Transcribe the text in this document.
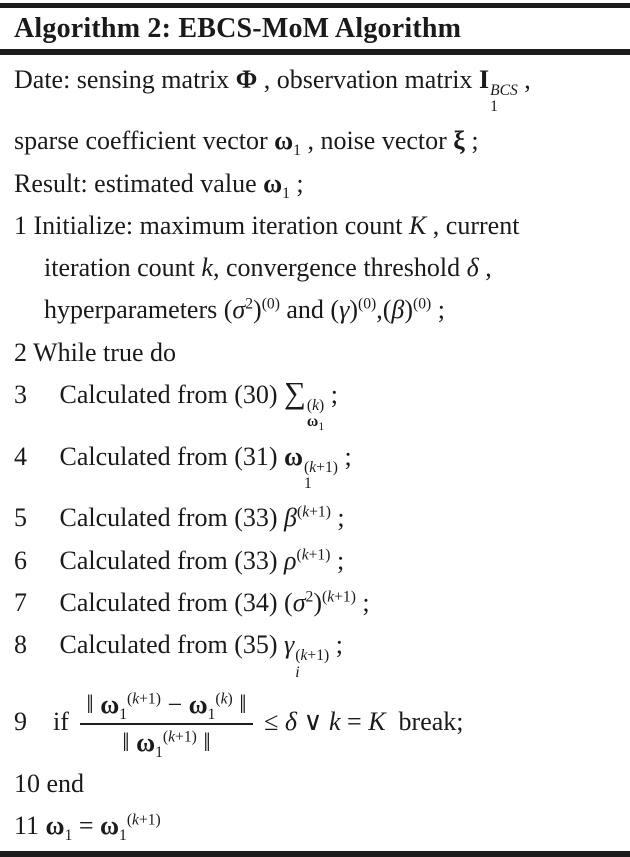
Algorithm 2: EBCS-MoM Algorithm
Date: sensing matrix Φ , observation matrix I BCS
1
,
sparse coefficient vector $\omega_1$ , noise vector ξ ;
Result: estimated value $\omega_1$ ;
1 Initialize: maximum iteration count K , current
iteration count k, convergence threshold δ ,
hyperparameters $(\sigma^2)^{(0)}$ and $(\gamma)^{(0)},(\beta)^{(0)}$ ;
2 While true do
3     Calculated from (30) ∑ (k)
$\omega_1$
;
4     Calculated from (31) ω (k+1)
1
;
5     Calculated from (33) $\beta^{(k+1)}$ ;
6     Calculated from (33) $\rho^{(k+1)}$ ;
7     Calculated from (34) $(\sigma^2)^{(k+1)}$ ;
8     Calculated from (35) γ (k+1)
i
;
9    if $\frac{‖ \omega_1^{(k+1)} - \omega_1^{(k)} ‖}{‖ \omega_1^{(k+1)} ‖} \le \delta$ ∨ k = K  break;
10 end
11 $\omega_1 = \omega_1^{(k+1)}$
